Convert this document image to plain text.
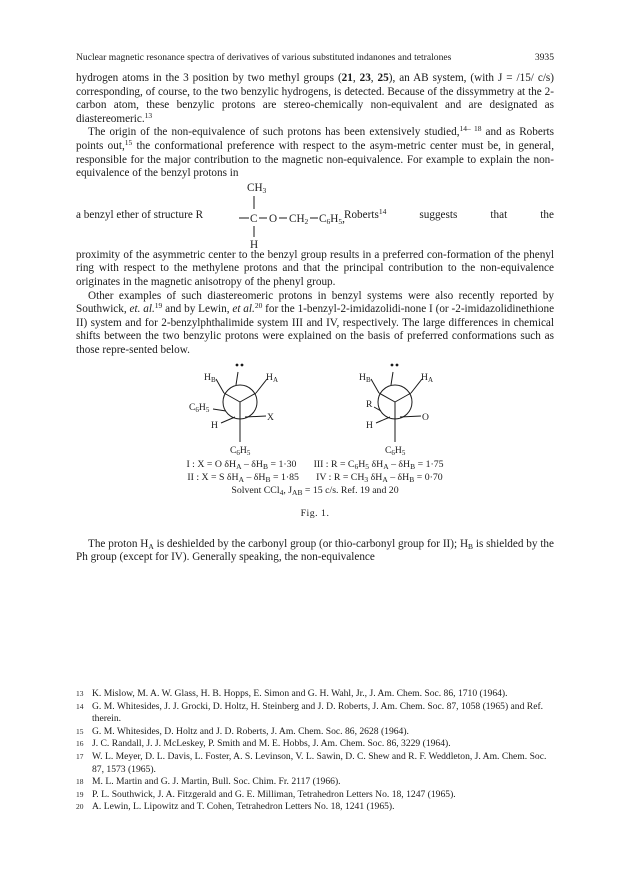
Nuclear magnetic resonance spectra of derivatives of various substituted indanones and tetralones	3935

hydrogen atoms in the 3 position by two methyl groups (21, 23, 25), an AB system, (with J = /15/ c/s) corresponding, of course, to the two benzylic hydrogens, is detected. Because of the dissymmetry at the 2-carbon atom, these benzylic protons are stereo-chemically non-equivalent and are designated as diastereomeric.$^{13}$

The origin of the non-equivalence of such protons has been extensively studied,$^{14- 18}$ and as Roberts points out,$^{15}$ the conformational preference with respect to the asym-metric center must be, in general, responsible for the major contribution to the magnetic non-equivalence. For example to explain the non-equivalence of the benzyl protons in

a benzyl ether of structure R
CH3
C O CH2 C6H5,
H
Roberts$^{14}$	suggests	that	the

proximity of the asymmetric center to the benzyl group results in a preferred con-formation of the phenyl ring with respect to the methylene protons and that the principal contribution to the non-equivalence originates in the magnetic anisotropy of the phenyl group.

Other examples of such diastereomeric protons in benzyl systems were also recently reported by Southwick, et. al.$^{19}$ and by Lewin, et al.$^{20}$ for the 1-benzyl-2-imidazolidi-none I (or -2-imidazolidinethione II) system and for 2-benzylphthalimide system III and IV, respectively. The large differences in chemical shifts between the two benzylic protons were explained on the basis of preferred conformations such as those repre-sented below.

$H_B$	$H_A$
$C_6H_5$
H
X
$C_6H_5$
$H_B$	$H_A$
R
H
O
$C_6H_5$
I : X = O $\delta H_A - \delta H_B = 1\cdot 30$ III : $R = C_6H_5$ $\delta H_A - \delta H_B = 1\cdot 75$
II : X = S $\delta H_A - \delta H_B = 1\cdot 85$ IV : $R = CH_3$ $\delta H_A - \delta H_B = 0\cdot 70$
Solvent CCl$_4$, $J_{AB} = 15$ c/s. Ref. 19 and 20
Fig. 1.

The proton $H_A$ is deshielded by the carbonyl group (or thio-carbonyl group for II); $H_B$ is shielded by the Ph group (except for IV). Generally speaking, the non-equivalence

13 K. Mislow, M. A. W. Glass, H. B. Hopps, E. Simon and G. H. Wahl, Jr., J. Am. Chem. Soc. 86, 1710 (1964).
14 G. M. Whitesides, J. J. Grocki, D. Holtz, H. Steinberg and J. D. Roberts, J. Am. Chem. Soc. 87, 1058 (1965) and Ref. therein.
15 G. M. Whitesides, D. Holtz and J. D. Roberts, J. Am. Chem. Soc. 86, 2628 (1964).
16 J. C. Randall, J. J. McLeskey, P. Smith and M. E. Hobbs, J. Am. Chem. Soc. 86, 3229 (1964).
17 W. L. Meyer, D. L. Davis, L. Foster, A. S. Levinson, V. L. Sawin, D. C. Shew and R. F. Weddleton, J. Am. Chem. Soc. 87, 1573 (1965).
18 M. L. Martin and G. J. Martin, Bull. Soc. Chim. Fr. 2117 (1966).
19 P. L. Southwick, J. A. Fitzgerald and G. E. Milliman, Tetrahedron Letters No. 18, 1247 (1965).
20 A. Lewin, L. Lipowitz and T. Cohen, Tetrahedron Letters No. 18, 1241 (1965).
